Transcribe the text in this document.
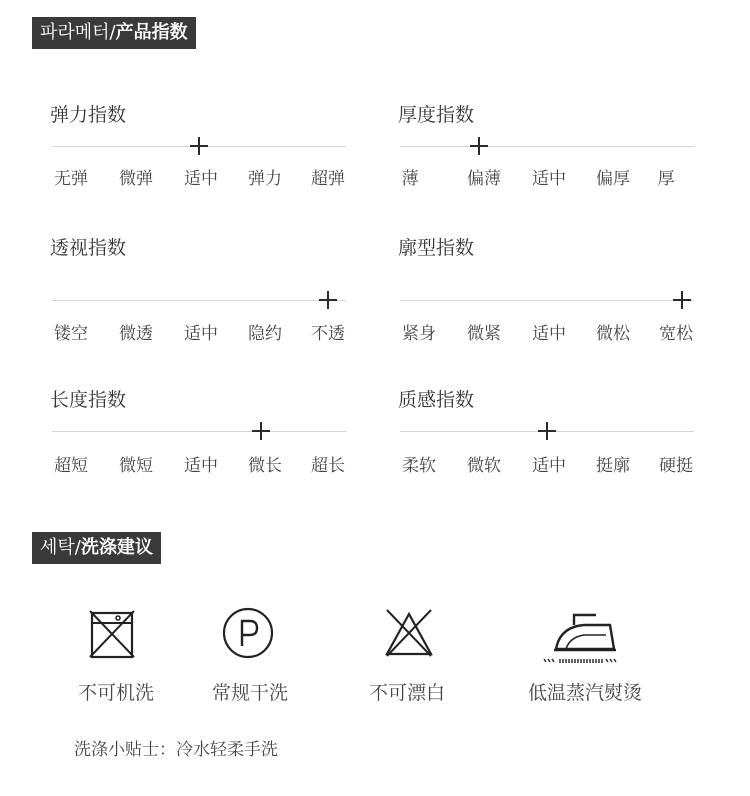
파라메터/产品指数
弹力指数
无弹 微弹 适中 弹力 超弹
厚度指数
薄	偏薄 适中 偏厚 厚
透视指数
镂空 微透 适中 隐约 不透
廓型指数
紧身 微紧 适中 微松 宽松
长度指数
超短 微短 适中 微长 超长
质感指数
柔软 微软 适中 挺廓 硬挺
세탁/洗涤建议
不可机洗	常规干洗	不可漂白	低温蒸汽熨烫
洗涤小贴士：冷水轻柔手洗
